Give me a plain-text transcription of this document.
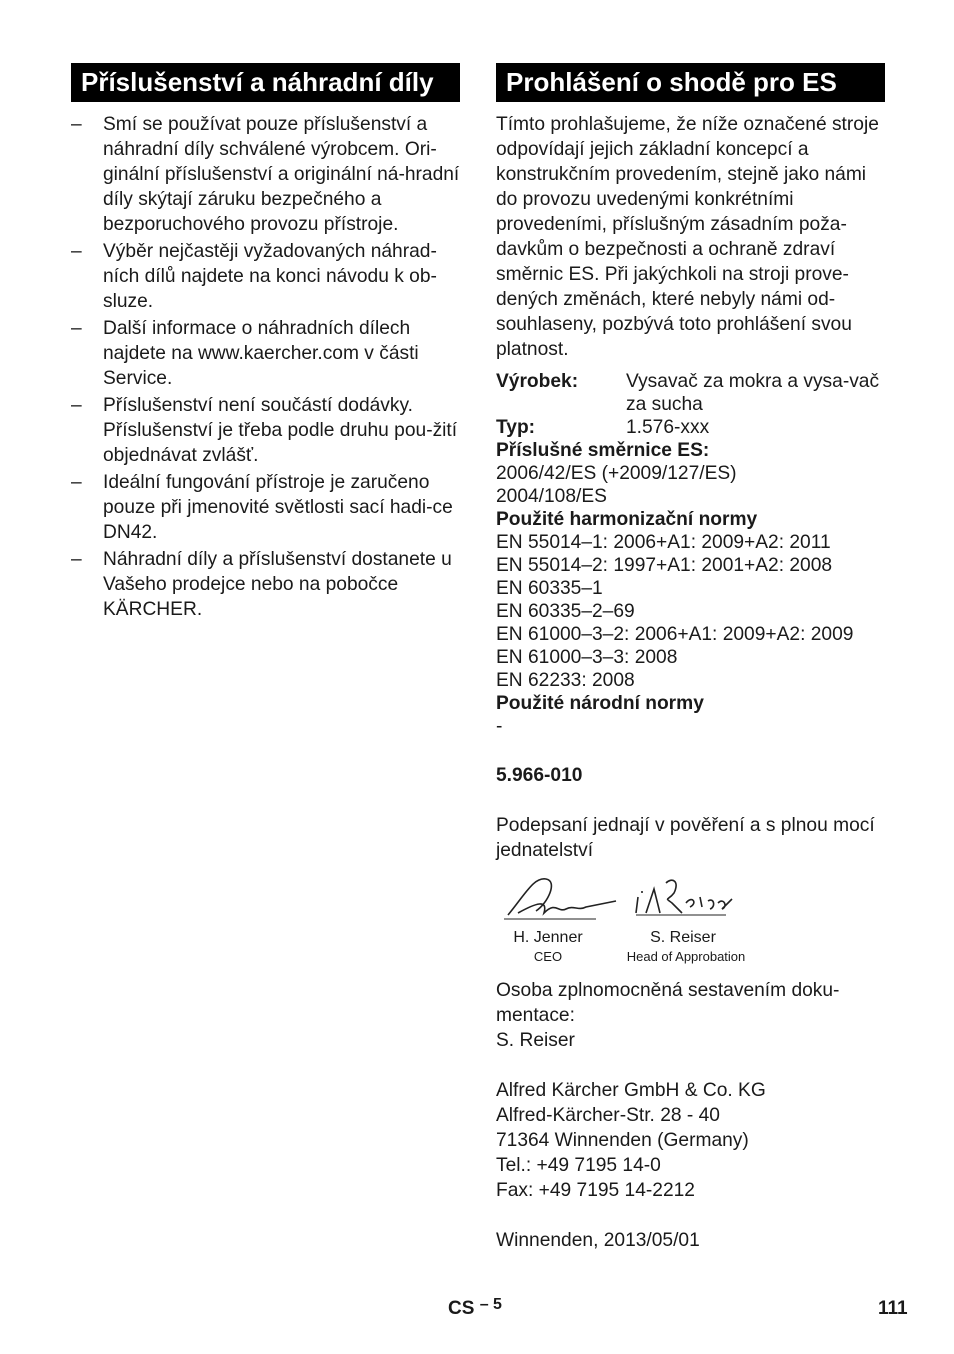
Příslušenství a náhradní díly
– Smí se používat pouze příslušenství a náhradní díly schválené výrobcem. Ori-ginální příslušenství a originální ná-hradní díly skýtají záruku bezpečného a bezporuchového provozu přístroje.
– Výběr nejčastěji vyžadovaných náhrad-ních dílů najdete na konci návodu k ob-sluze.
– Další informace o náhradních dílech najdete na www.kaercher.com v části Service.
– Příslušenství není součástí dodávky. Příslušenství je třeba podle druhu pou-žití objednávat zvlášť.
– Ideální fungování přístroje je zaručeno pouze při jmenovité světlosti sací hadi-ce DN42.
– Náhradní díly a příslušenství dostanete u Vašeho prodejce nebo na pobočce KÄRCHER.
Prohlášení o shodě pro ES
Tímto prohlašujeme, že níže označené stroje odpovídají jejich základní koncepcí a konstrukčním provedením, stejně jako námi do provozu uvedenými konkrétními provedeními, příslušným zásadním poža-davkům o bezpečnosti a ochraně zdraví směrnic ES. Při jakýchkoli na stroji prove-dených změnách, které nebyly námi od-souhlaseny, pozbývá toto prohlášení svou platnost.
Výrobek:	Vysavač za mokra a vysa-vač za sucha
Typ:	1.576-xxx
Příslušné směrnice ES:
2006/42/ES (+2009/127/ES)
2004/108/ES
Použité harmonizační normy
EN 55014–1: 2006+A1: 2009+A2: 2011
EN 55014–2: 1997+A1: 2001+A2: 2008
EN 60335–1
EN 60335–2–69
EN 61000–3–2: 2006+A1: 2009+A2: 2009
EN 61000–3–3: 2008
EN 62233: 2008
Použité národní normy
-
5.966-010
Podepsaní jednají v pověření a s plnou mocí jednatelství
H. Jenner
CEO
S. Reiser
Head of Approbation
Osoba zplnomocněná sestavením doku-mentace:
S. Reiser
Alfred Kärcher GmbH & Co. KG
Alfred-Kärcher-Str. 28 - 40
71364 Winnenden (Germany)
Tel.: +49 7195 14-0
Fax: +49 7195 14-2212
Winnenden, 2013/05/01
CS $^{- 5}$	111
